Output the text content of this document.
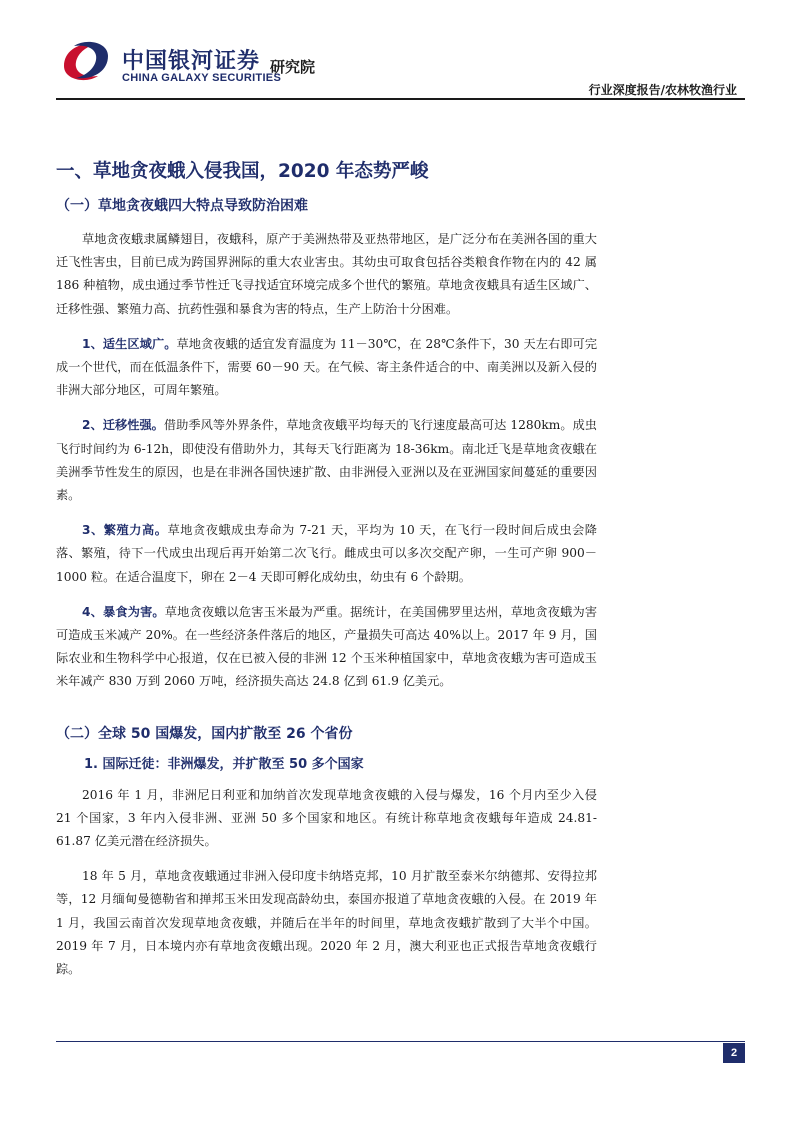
中国银河证券
CHINA GALAXY SECURITIES
研究院
行业深度报告/农林牧渔行业
一、草地贪夜蛾入侵我国，2020 年态势严峻
（一）草地贪夜蛾四大特点导致防治困难

草地贪夜蛾隶属鳞翅目，夜蛾科，原产于美洲热带及亚热带地区，是广泛分布在美洲各国的重大迁飞性害虫，目前已成为跨国界洲际的重大农业害虫。其幼虫可取食包括谷类粮食作物在内的 42 属 186 种植物，成虫通过季节性迁飞寻找适宜环境完成多个世代的繁殖。草地贪夜蛾具有适生区域广、迁移性强、繁殖力高、抗药性强和暴食为害的特点，生产上防治十分困难。

1、适生区域广。草地贪夜蛾的适宜发育温度为 11－30℃，在 28℃条件下，30 天左右即可完成一个世代，而在低温条件下，需要 60－90 天。在气候、寄主条件适合的中、南美洲以及新入侵的非洲大部分地区，可周年繁殖。

2、迁移性强。借助季风等外界条件，草地贪夜蛾平均每天的飞行速度最高可达 1280km。成虫飞行时间约为 6-12h，即使没有借助外力，其每天飞行距离为 18-36km。南北迁飞是草地贪夜蛾在美洲季节性发生的原因，也是在非洲各国快速扩散、由非洲侵入亚洲以及在亚洲国家间蔓延的重要因素。

3、繁殖力高。草地贪夜蛾成虫寿命为 7-21 天，平均为 10 天，在飞行一段时间后成虫会降落、繁殖，待下一代成虫出现后再开始第二次飞行。雌成虫可以多次交配产卵，一生可产卵 900－1000 粒。在适合温度下，卵在 2－4 天即可孵化成幼虫，幼虫有 6 个龄期。

4、暴食为害。草地贪夜蛾以危害玉米最为严重。据统计，在美国佛罗里达州，草地贪夜蛾为害可造成玉米减产 20%。在一些经济条件落后的地区，产量损失可高达 40%以上。2017 年 9 月，国际农业和生物科学中心报道，仅在已被入侵的非洲 12 个玉米种植国家中，草地贪夜蛾为害可造成玉米年减产 830 万到 2060 万吨，经济损失高达 24.8 亿到 61.9 亿美元。

（二）全球 50 国爆发，国内扩散至 26 个省份
1. 国际迁徒：非洲爆发，并扩散至 50 多个国家

2016 年 1 月，非洲尼日利亚和加纳首次发现草地贪夜蛾的入侵与爆发，16 个月内至少入侵 21 个国家，3 年内入侵非洲、亚洲 50 多个国家和地区。有统计称草地贪夜蛾每年造成 24.81-61.87 亿美元潜在经济损失。

18 年 5 月，草地贪夜蛾通过非洲入侵印度卡纳塔克邦，10 月扩散至泰米尔纳德邦、安得拉邦等，12 月缅甸曼德勒省和掸邦玉米田发现高龄幼虫，泰国亦报道了草地贪夜蛾的入侵。在 2019 年 1 月，我国云南首次发现草地贪夜蛾，并随后在半年的时间里，草地贪夜蛾扩散到了大半个中国。2019 年 7 月，日本境内亦有草地贪夜蛾出现。2020 年 2 月，澳大利亚也正式报告草地贪夜蛾行踪。

2
